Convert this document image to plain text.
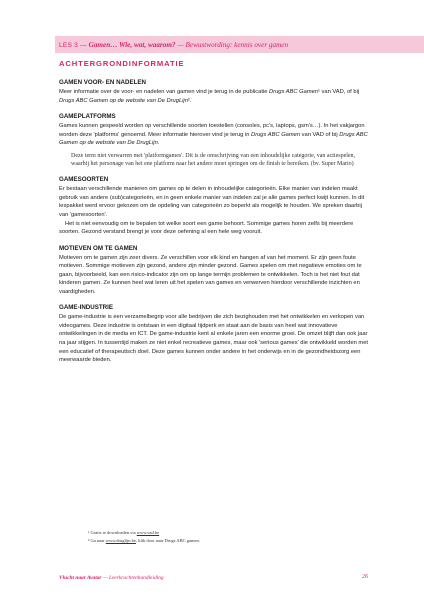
LES 3 — Gamen… Wie, wat, waarom? — Bewustwording: kennis over gamen
ACHTERGRONDINFORMATIE
GAMEN VOOR- EN NADELEN

Meer informatie over de voor- en nadelen van gamen vind je terug in de publicatie Drugs ABC Gamen¹ van VAD, of bij Drugs ABC Gamen op de website van De DrugLijn².

GAMEPLATFORMS

Games kunnen gespeeld worden op verschillende soorten toestellen (consoles, pc's, laptops, gsm's…). In het vakjargon worden deze 'platforms' genoemd. Meer informatie hierover vind je terug in Drugs ABC Gamen van VAD of bij Drugs ABC Gamen op de website van De DrugLijn.

Deze term niet verwarren met 'platformgames'. Dit is de omschrijving van een inhoudelijke categorie, van actiespelen, waarbij het personage van het ene platform naar het andere moet springen om de finish te bereiken. (bv. Super Mario)

GAMESOORTEN

Er bestaan verschillende manieren om games op te delen in inhoudelijke categorieën. Elke manier van indelen maakt gebruik van andere (sub)categorieën, en in geen enkele manier van indelen zal je alle games perfect kwijt kunnen. In dit lespakket werd ervoor gekozen om de opdeling van categorieën zo beperkt als mogelijk te houden. We spreken daarbij van 'gamesoorten'.

Het is niet eenvoudig om te bepalen tot welke soort een game behoort. Sommige games horen zelfs bij meerdere soorten. Gezond verstand brengt je voor deze oefening al een hele weg vooruit.

MOTIEVEN OM TE GAMEN

Motieven om te gamen zijn zeer divers. Ze verschillen voor elk kind en hangen af van het moment. Er zijn geen foute motieven. Sommige motieven zijn gezond, andere zijn minder gezond. Games spelen om met negatieve emoties om te gaan, bijvoorbeeld, kan een risico-indicator zijn om op lange termijn problemen te ontwikkelen. Toch is het niet fout dat kinderen gamen. Ze kunnen heel wat leren uit het spelen van games en verwerven hierdoor verschillende inzichten en vaardigheden.

GAME-INDUSTRIE

De game-industrie is een verzamelbegrip voor alle bedrijven die zich bezighouden met het ontwikkelen en verkopen van videogames. Deze industrie is ontstaan in een digitaal tijdperk en staat aan de basis van heel wat innovatieve ontwikkelingen in de media en ICT. De game-industrie kent al enkele jaren een enorme groei. De omzet blijft dan ook jaar na jaar stijgen. In tussentijd maken ze niet enkel recreatieve games, maar ook 'serious games' die ontwikkeld worden met een educatief of therapeutisch doel. Deze games kunnen onder andere in het onderwijs en in de gezondheidszorg een meerwaarde bieden.

¹ Gratis te downloaden via www.vad.be

² Ga naar www.druglijn.be, klik door naar Drugs ABC gamen.

Vlucht naar Avatar — Leerkrachtenhandleiding	26
